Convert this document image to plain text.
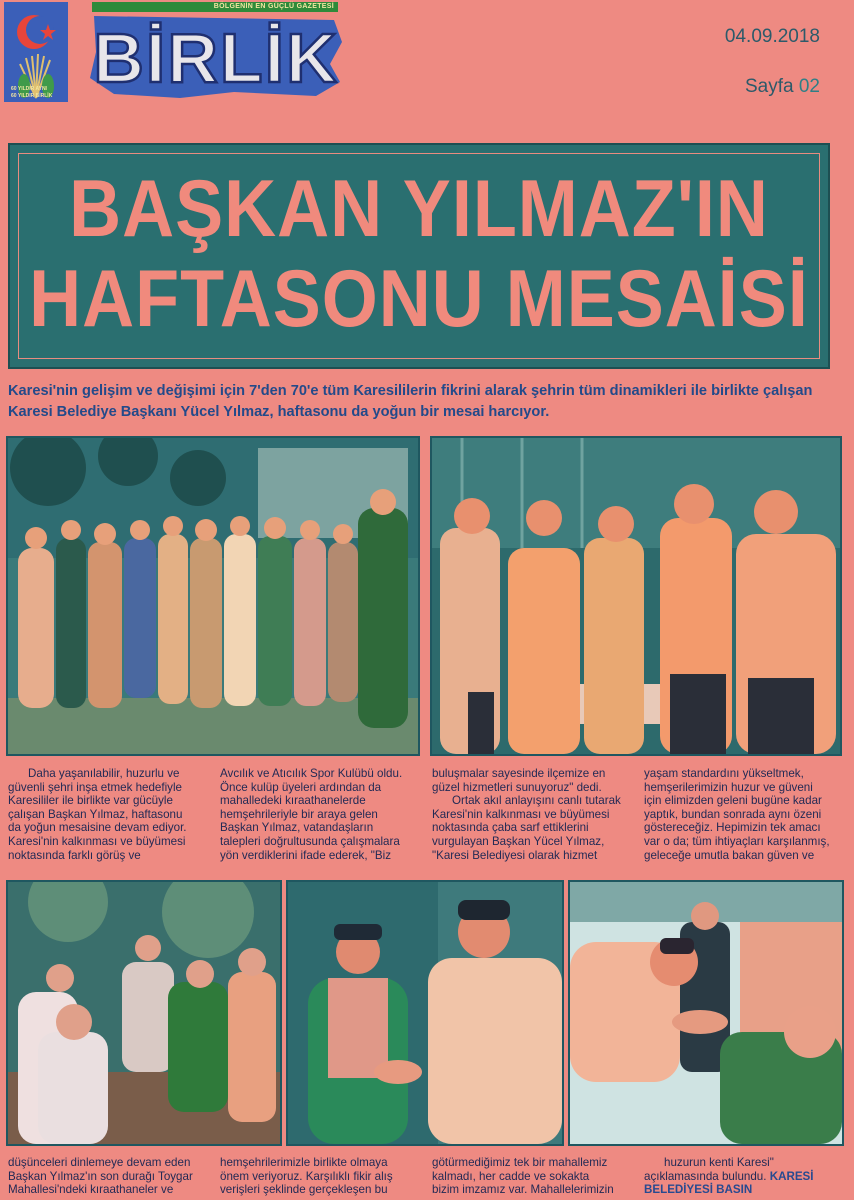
60 YILDIR AYNI
60 YILDIR BİRLİK
BÖLGENİN EN GÜÇLÜ GAZETESİ
BİRLİK	04.09.2018
Sayfa 02
BAŞKAN YILMAZ'IN
HAFTASONU MESAİSİ
Karesi'nin gelişim ve değişimi için 7'den 70'e tüm Karesililerin fikrini alarak şehrin tüm dinamikleri ile birlikte çalışan Karesi Belediye Başkanı Yücel Yılmaz, haftasonu da yoğun bir mesai harcıyor.

Daha yaşanılabilir, huzurlu ve

güvenli şehri inşa etmek hedefiyle

Karesililer ile birlikte var gücüyle

çalışan Başkan Yılmaz, haftasonu

da yoğun mesaisine devam ediyor.

Karesi'nin kalkınması ve büyümesi

noktasında farklı görüş ve

Avcılık ve Atıcılık Spor Kulübü oldu.

Önce kulüp üyeleri ardından da

mahalledeki kıraathanelerde

hemşehrileriyle bir araya gelen

Başkan Yılmaz, vatandaşların

talepleri doğrultusunda çalışmalara

yön verdiklerini ifade ederek, "Biz

buluşmalar sayesinde ilçemize en

güzel hizmetleri sunuyoruz" dedi.

Ortak akıl anlayışını canlı tutarak

Karesi'nin kalkınması ve büyümesi

noktasında çaba sarf ettiklerini

vurgulayan Başkan Yücel Yılmaz,

"Karesi Belediyesi olarak hizmet

yaşam standardını yükseltmek,

hemşerilerimizin huzur ve güveni

için elimizden geleni bugüne kadar

yaptık, bundan sonrada aynı özeni

göstereceğiz. Hepimizin tek amacı

var o da; tüm ihtiyaçları karşılanmış,

geleceğe umutla bakan güven ve

düşünceleri dinlemeye devam eden

Başkan Yılmaz'ın son durağı Toygar

Mahallesi'ndeki kıraathaneler ve

hemşehrilerimizle birlikte olmaya

önem veriyoruz. Karşılıklı fikir alış

verişleri şeklinde gerçekleşen bu

götürmediğimiz tek bir mahallemiz

kalmadı, her cadde ve sokakta

bizim imzamız var. Mahallelerimizin

huzurun kenti Karesi"

açıklamasında bulundu. KARESİ

BELEDİYESİ BASIN
